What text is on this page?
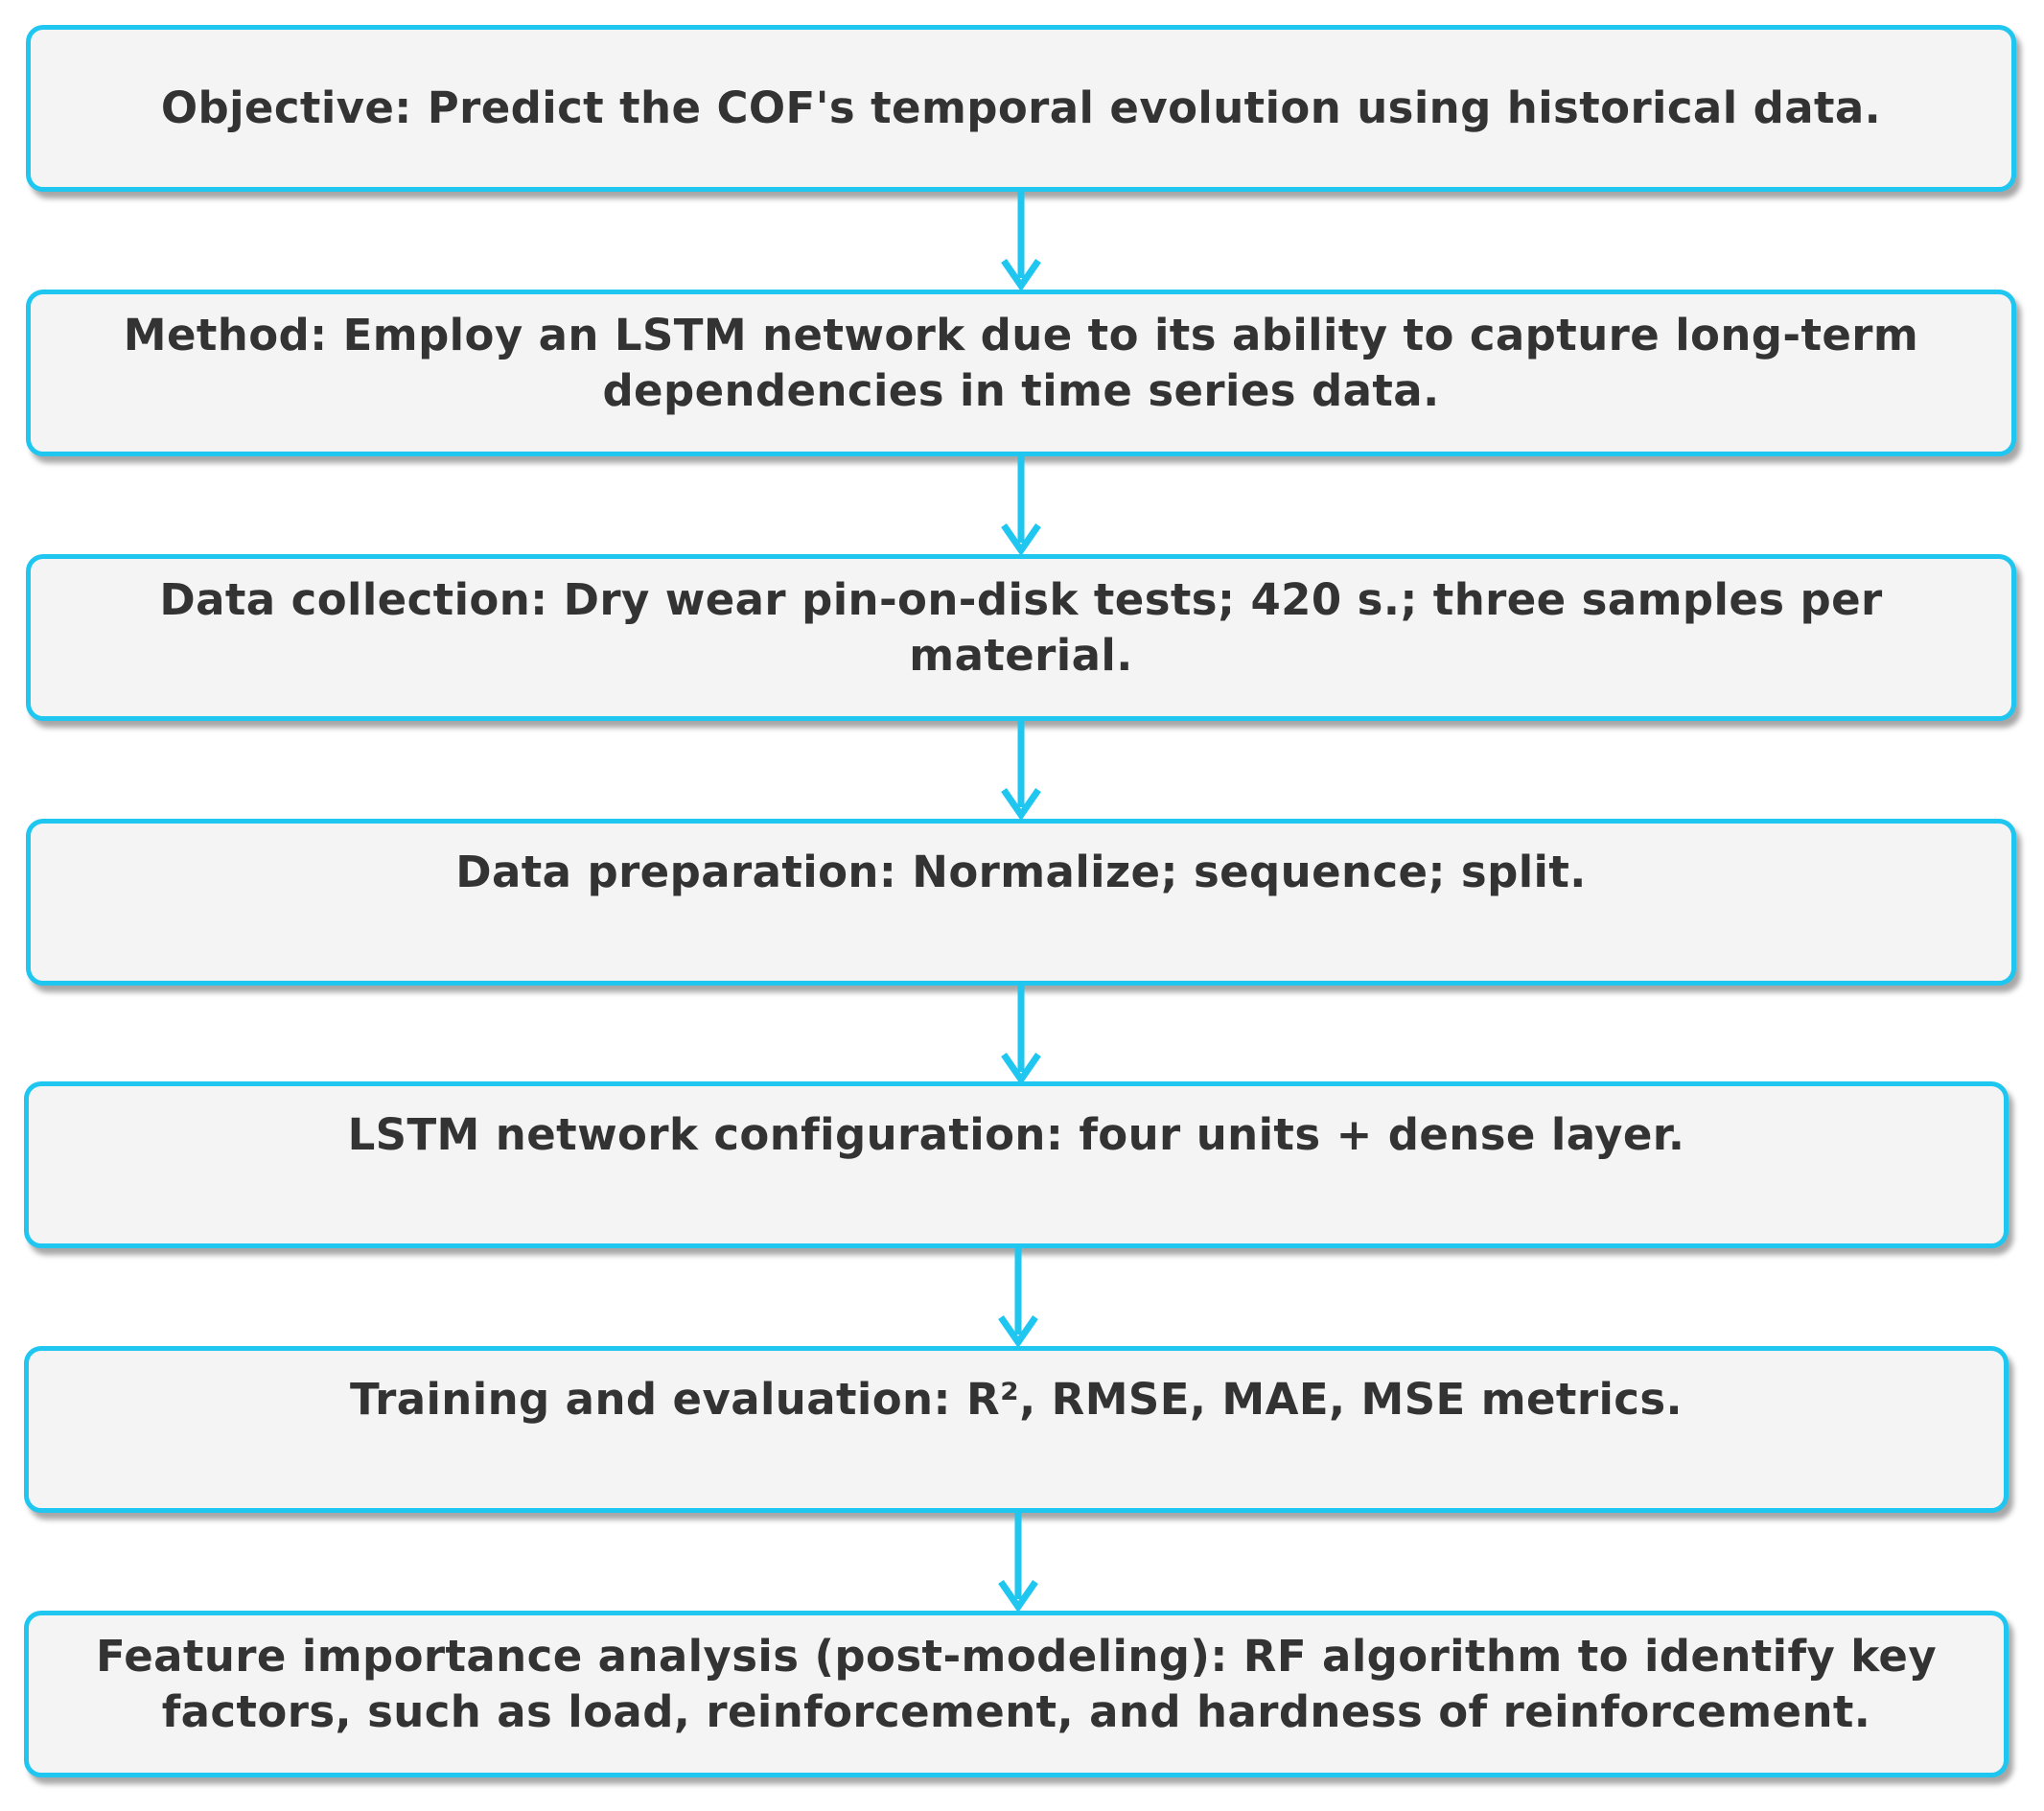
Objective: Predict the COF's temporal evolution using historical data.
Method: Employ an LSTM network due to its ability to capture long-term dependencies in time series data.
Data collection: Dry wear pin-on-disk tests; 420 s.; three samples per material.
Data preparation: Normalize; sequence; split.
LSTM network configuration: four units + dense layer.
Training and evaluation: R², RMSE, MAE, MSE metrics.
Feature importance analysis (post-modeling): RF algorithm to identify key factors, such as load, reinforcement, and hardness of reinforcement.
